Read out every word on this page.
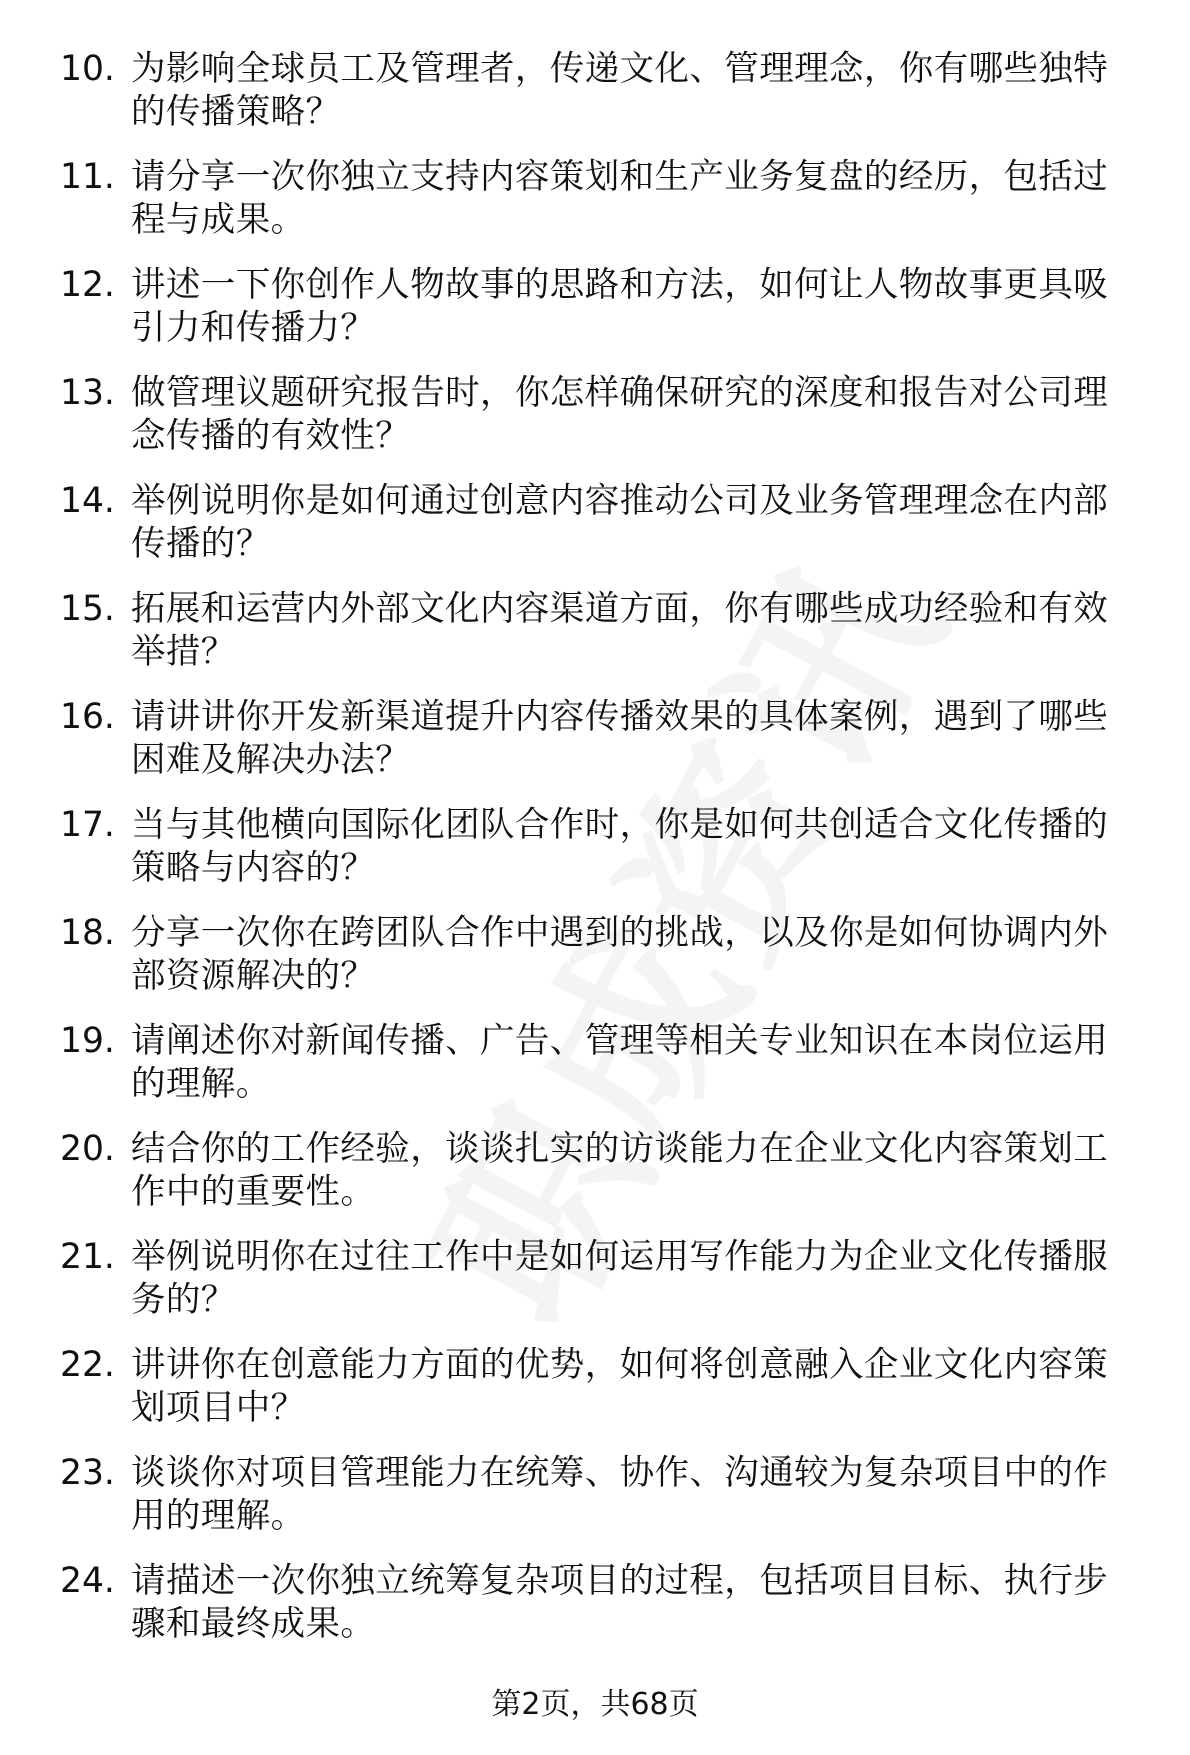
10. 为影响全球员工及管理者，传递文化、管理理念，你有哪些独特的传播策略？
11. 请分享一次你独立支持内容策划和生产业务复盘的经历，包括过程与成果。
12. 讲述一下你创作人物故事的思路和方法，如何让人物故事更具吸引力和传播力？
13. 做管理议题研究报告时，你怎样确保研究的深度和报告对公司理念传播的有效性？
14. 举例说明你是如何通过创意内容推动公司及业务管理理念在内部传播的？
15. 拓展和运营内外部文化内容渠道方面，你有哪些成功经验和有效举措？
16. 请讲讲你开发新渠道提升内容传播效果的具体案例，遇到了哪些困难及解决办法？
17. 当与其他横向国际化团队合作时，你是如何共创适合文化传播的策略与内容的？
18. 分享一次你在跨团队合作中遇到的挑战，以及你是如何协调内外部资源解决的？
19. 请阐述你对新闻传播、广告、管理等相关专业知识在本岗位运用的理解。
20. 结合你的工作经验，谈谈扎实的访谈能力在企业文化内容策划工作中的重要性。
21. 举例说明你在过往工作中是如何运用写作能力为企业文化传播服务的？
22. 讲讲你在创意能力方面的优势，如何将创意融入企业文化内容策划项目中？
23. 谈谈你对项目管理能力在统筹、协作、沟通较为复杂项目中的作用的理解。
24. 请描述一次你独立统筹复杂项目的过程，包括项目目标、执行步骤和最终成果。
第2页，共68页
